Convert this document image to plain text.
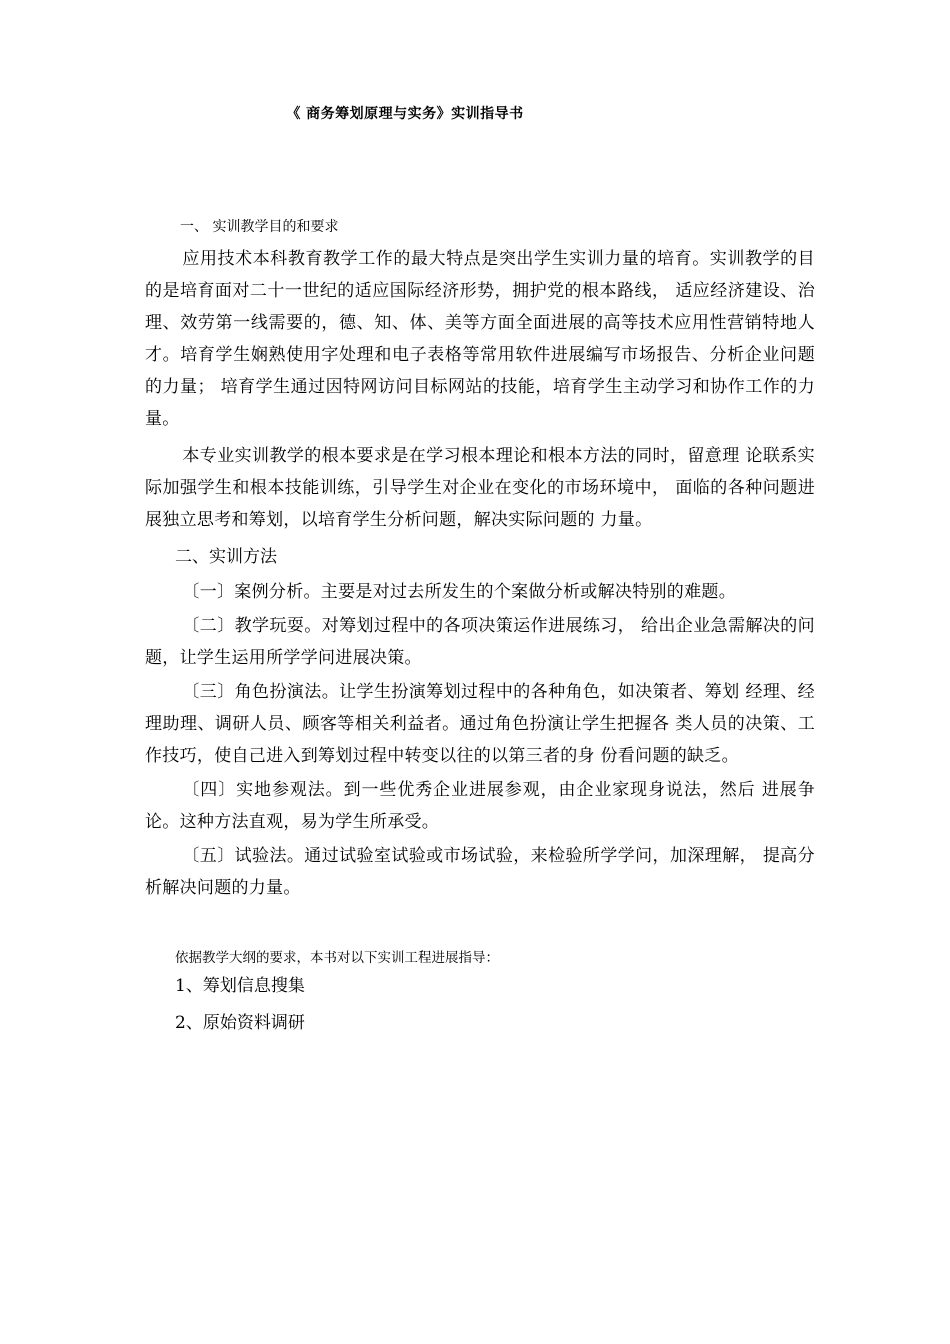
《 商务筹划原理与实务》实训指导书
一、 实训教学目的和要求

应用技术本科教育教学工作的最大特点是突出学生实训力量的培育。实训教学的目的是培育面对二十一世纪的适应国际经济形势，拥护党的根本路线， 适应经济建设、治理、效劳第一线需要的，德、知、体、美等方面全面进展的高等技术应用性营销特地人才。培育学生娴熟使用字处理和电子表格等常用软件进展编写市场报告、分析企业问题的力量； 培育学生通过因特网访问目标网站的技能，培育学生主动学习和协作工作的力量。

本专业实训教学的根本要求是在学习根本理论和根本方法的同时，留意理 论联系实际加强学生和根本技能训练，引导学生对企业在变化的市场环境中， 面临的各种问题进展独立思考和筹划，以培育学生分析问题，解决实际问题的 力量。

二、实训方法

〔一〕案例分析。主要是对过去所发生的个案做分析或解决特别的难题。

〔二〕教学玩耍。对筹划过程中的各项决策运作进展练习， 给出企业急需解决的问题，让学生运用所学学问进展决策。

〔三〕角色扮演法。让学生扮演筹划过程中的各种角色，如决策者、筹划 经理、经理助理、调研人员、顾客等相关利益者。通过角色扮演让学生把握各 类人员的决策、工作技巧，使自己进入到筹划过程中转变以往的以第三者的身 份看问题的缺乏。

〔四〕实地参观法。到一些优秀企业进展参观，由企业家现身说法，然后 进展争论。这种方法直观，易为学生所承受。

〔五〕试验法。通过试验室试验或市场试验，来检验所学学问，加深理解， 提高分析解决问题的力量。

依据教学大纲的要求，本书对以下实训工程进展指导：
1、筹划信息搜集
2、原始资料调研
